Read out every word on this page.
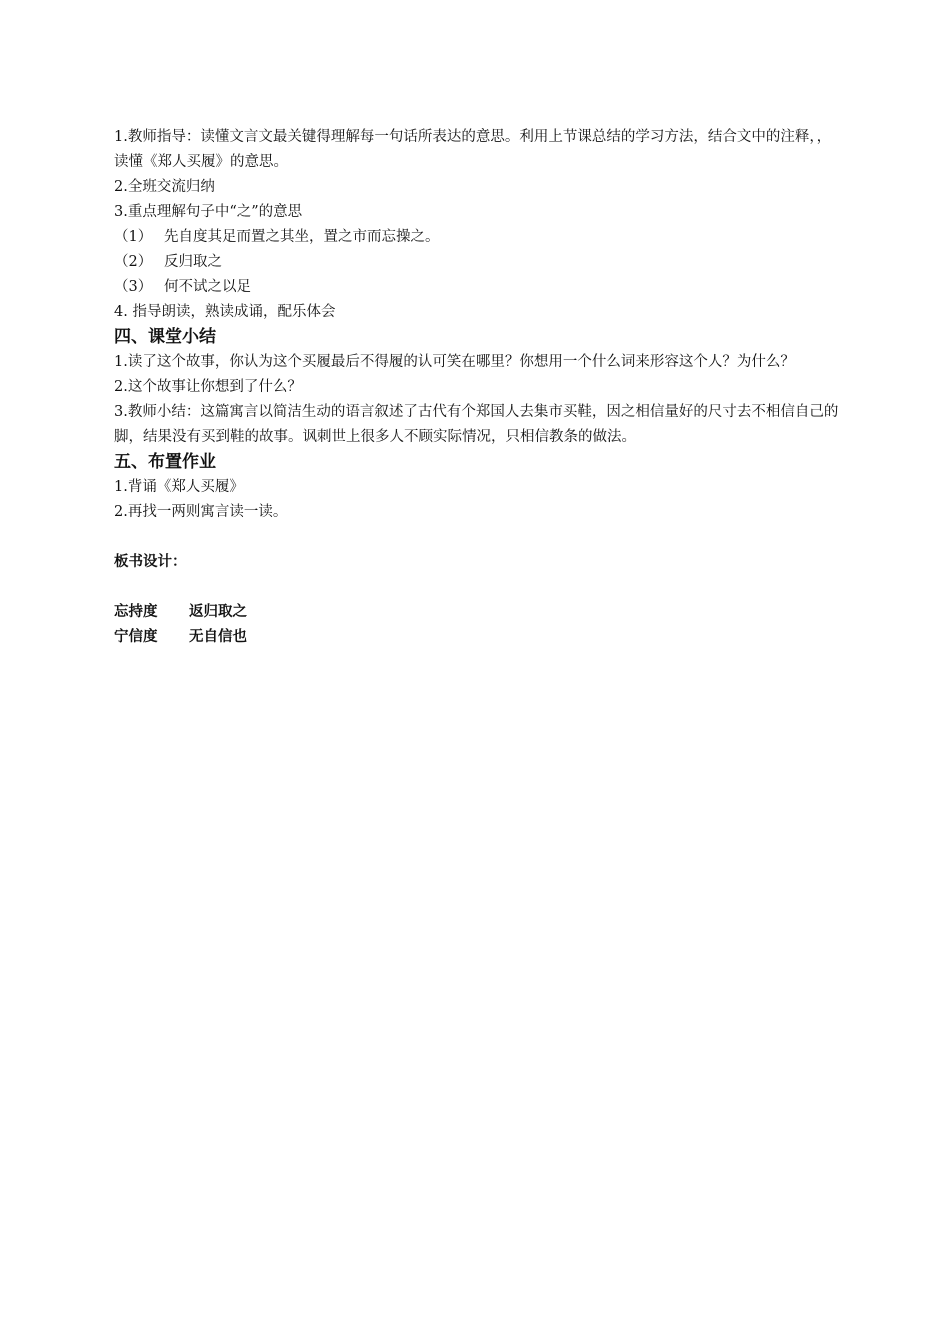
1.教师指导：读懂文言文最关键得理解每一句话所表达的意思。利用上节课总结的学习方法，结合文中的注释，，读懂《郑人买履》的意思。

2.全班交流归纳

3.重点理解句子中“之”的意思

（1） 先自度其足而置之其坐，置之市而忘操之。

（2） 反归取之

（3） 何不试之以足

4. 指导朗读，熟读成诵，配乐体会

四、课堂小结

1.读了这个故事，你认为这个买履最后不得履的认可笑在哪里？你想用一个什么词来形容这个人？为什么？

2.这个故事让你想到了什么？

3.教师小结：这篇寓言以简洁生动的语言叙述了古代有个郑国人去集市买鞋，因之相信量好的尺寸去不相信自己的脚，结果没有买到鞋的故事。讽刺世上很多人不顾实际情况，只相信教条的做法。

五、布置作业

1.背诵《郑人买履》

2.再找一两则寓言读一读。

板书设计：

忘持度	返归取之
宁信度	无自信也
